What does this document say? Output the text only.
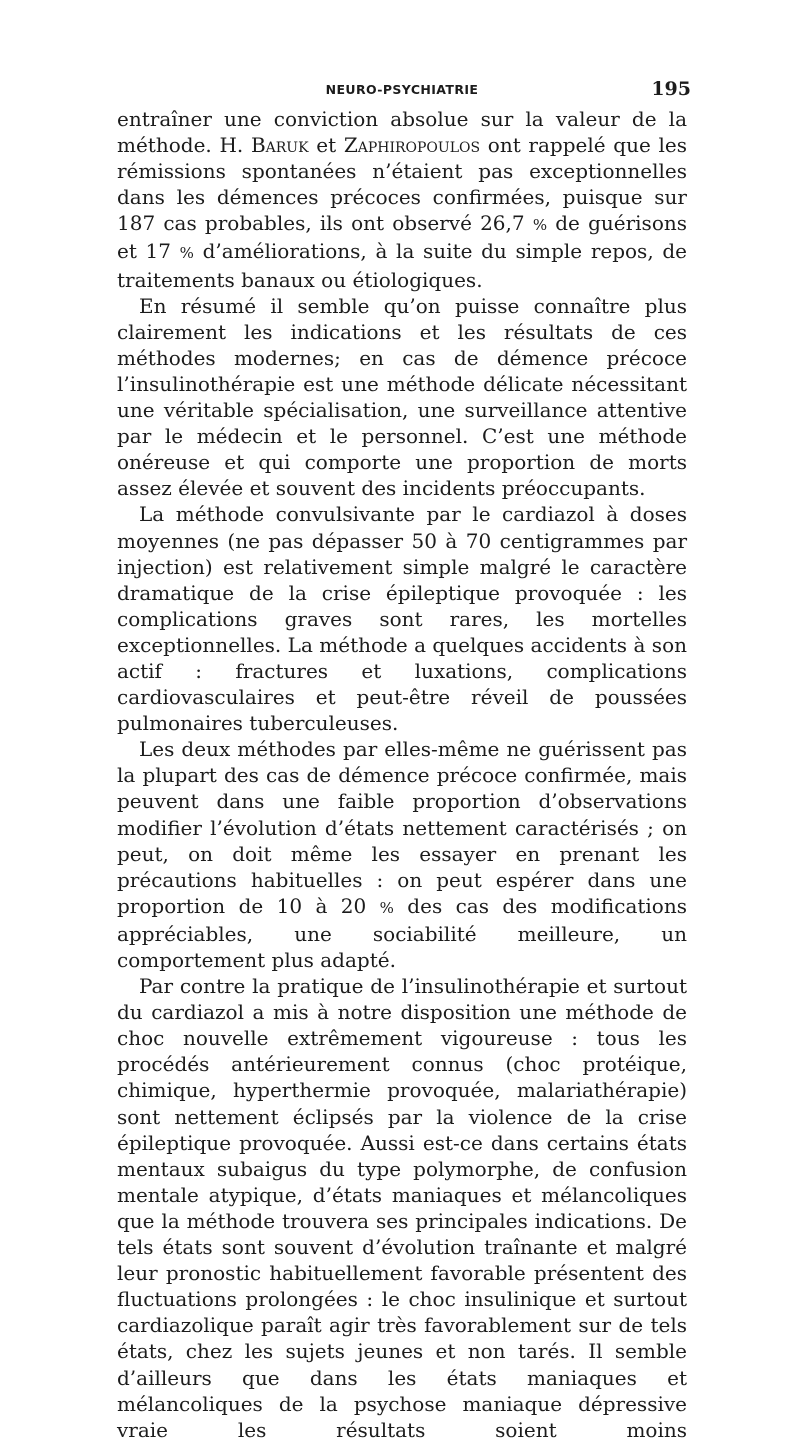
NEURO-PSYCHIATRIE	195

entraîner une conviction absolue sur la valeur de la méthode. H. Baruk et Zaphiropoulos ont rappelé que les rémissions spontanées n’étaient pas exceptionnelles dans les démences précoces confirmées, puisque sur 187 cas probables, ils ont observé 26,7 % de guérisons et 17 % d’améliorations, à la suite du simple repos, de traitements banaux ou étiologiques.

En résumé il semble qu’on puisse connaître plus clairement les indications et les résultats de ces méthodes modernes; en cas de démence précoce l’insulinothérapie est une méthode délicate nécessitant une véritable spécialisation, une surveillance attentive par le médecin et le personnel. C’est une méthode onéreuse et qui comporte une proportion de morts assez élevée et souvent des incidents préoccupants.

La méthode convulsivante par le cardiazol à doses moyennes (ne pas dépasser 50 à 70 centigrammes par injection) est relativement simple malgré le caractère dramatique de la crise épileptique provoquée : les complications graves sont rares, les mortelles exceptionnelles. La méthode a quelques accidents à son actif : fractures et luxations, complications cardiovasculaires et peut-être réveil de poussées pulmonaires tuberculeuses.

Les deux méthodes par elles-même ne guérissent pas la plupart des cas de démence précoce confirmée, mais peuvent dans une faible proportion d’observations modifier l’évolution d’états nettement caractérisés ; on peut, on doit même les essayer en prenant les précautions habituelles : on peut espérer dans une proportion de 10 à 20 % des cas des modifications appréciables, une sociabilité meilleure, un comportement plus adapté.

Par contre la pratique de l’insulinothérapie et surtout du cardiazol a mis à notre disposition une méthode de choc nouvelle extrêmement vigoureuse : tous les procédés antérieurement connus (choc protéique, chimique, hyperthermie provoquée, malariathérapie) sont nettement éclipsés par la violence de la crise épileptique provoquée. Aussi est-ce dans certains états mentaux subaigus du type polymorphe, de confusion mentale atypique, d’états maniaques et mélancoliques que la méthode trouvera ses principales indications. De tels états sont souvent d’évolution traînante et malgré leur pronostic habituellement favorable présentent des fluctuations prolongées : le choc insulinique et surtout cardiazolique paraît agir très favorablement sur de tels états, chez les sujets jeunes et non tarés. Il semble d’ailleurs que dans les états maniaques et mélancoliques de la psychose maniaque dépressive vraie les résultats soient moins
